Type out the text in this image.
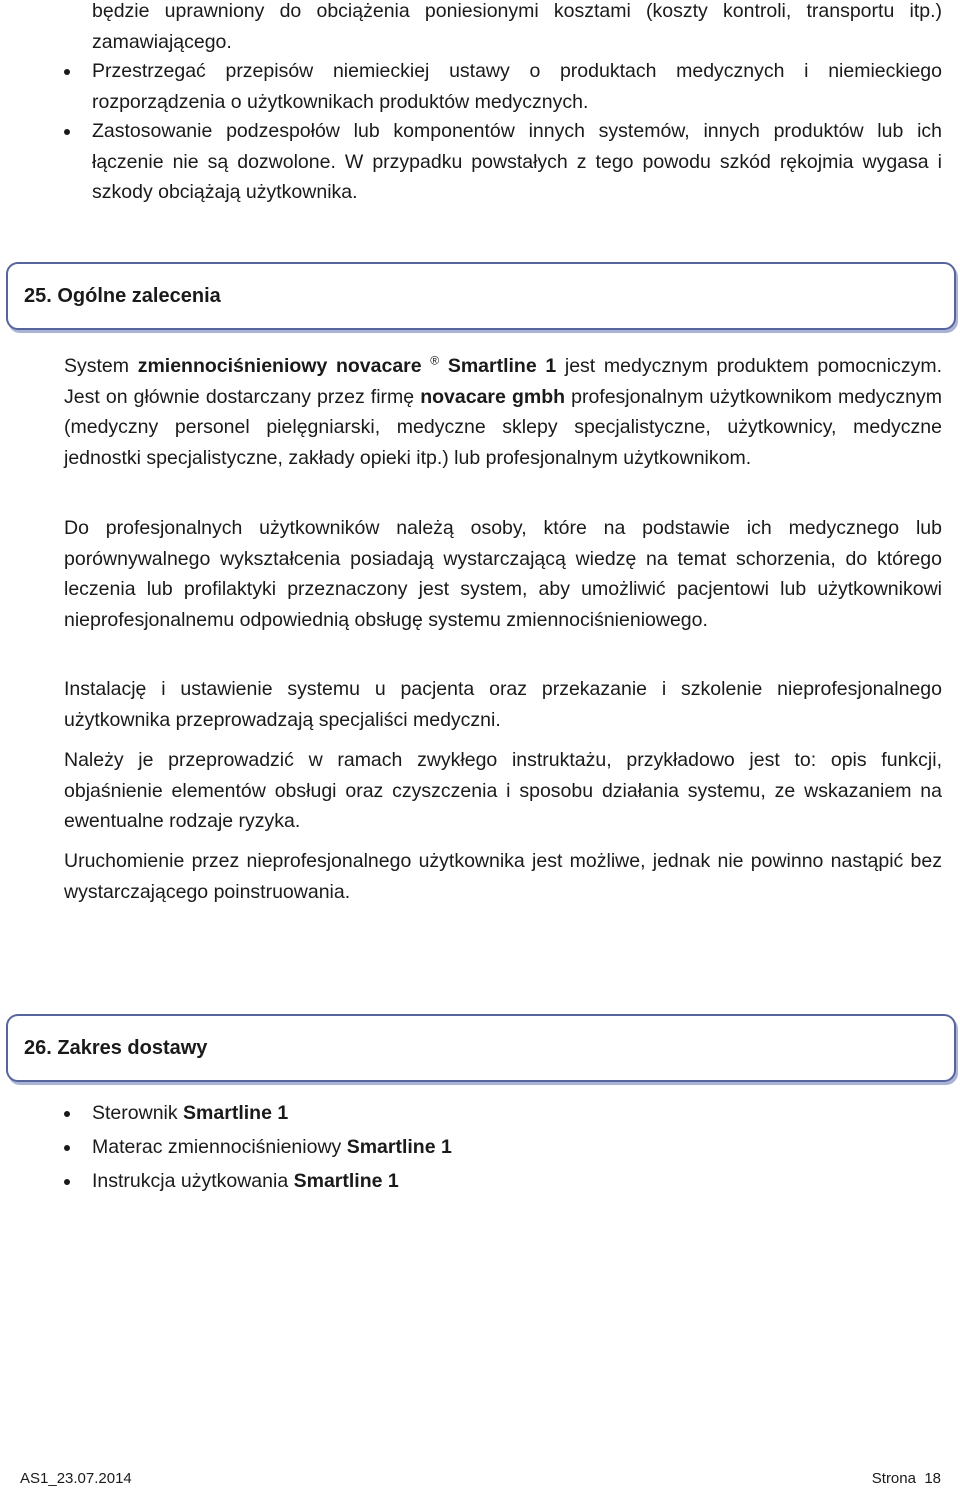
będzie uprawniony do obciążenia poniesionymi kosztami (koszty kontroli, transportu itp.) zamawiającego.
Przestrzegać przepisów niemieckiej ustawy o produktach medycznych i niemieckiego rozporządzenia o użytkownikach produktów medycznych.
Zastosowanie podzespołów lub komponentów innych systemów, innych produktów lub ich łączenie nie są dozwolone. W przypadku powstałych z tego powodu szkód rękojmia wygasa i szkody obciążają użytkownika.
25. Ogólne zalecenia
System zmiennociśnieniowy novacare ® Smartline 1 jest medycznym produktem pomocniczym. Jest on głównie dostarczany przez firmę novacare gmbh profesjonalnym użytkownikom medycznym (medyczny personel pielęgniarski, medyczne sklepy specjalistyczne, użytkownicy, medyczne jednostki specjalistyczne, zakłady opieki itp.) lub profesjonalnym użytkownikom.
Do profesjonalnych użytkowników należą osoby, które na podstawie ich medycznego lub porównywalnego wykształcenia posiadają wystarczającą wiedzę na temat schorzenia, do którego leczenia lub profilaktyki przeznaczony jest system, aby umożliwić pacjentowi lub użytkownikowi nieprofesjonalnemu odpowiednią obsługę systemu zmiennociśnieniowego.
Instalację i ustawienie systemu u pacjenta oraz przekazanie i szkolenie nieprofesjonalnego użytkownika przeprowadzają specjaliści medyczni.
Należy je przeprowadzić w ramach zwykłego instruktażu, przykładowo jest to: opis funkcji, objaśnienie elementów obsługi oraz czyszczenia i sposobu działania systemu, ze wskazaniem na ewentualne rodzaje ryzyka.
Uruchomienie przez nieprofesjonalnego użytkownika jest możliwe, jednak nie powinno nastąpić bez wystarczającego poinstruowania.
26. Zakres dostawy
Sterownik Smartline 1
Materac zmiennociśnieniowy Smartline 1
Instrukcja użytkowania Smartline 1
AS1_23.07.2014	Strona 18
